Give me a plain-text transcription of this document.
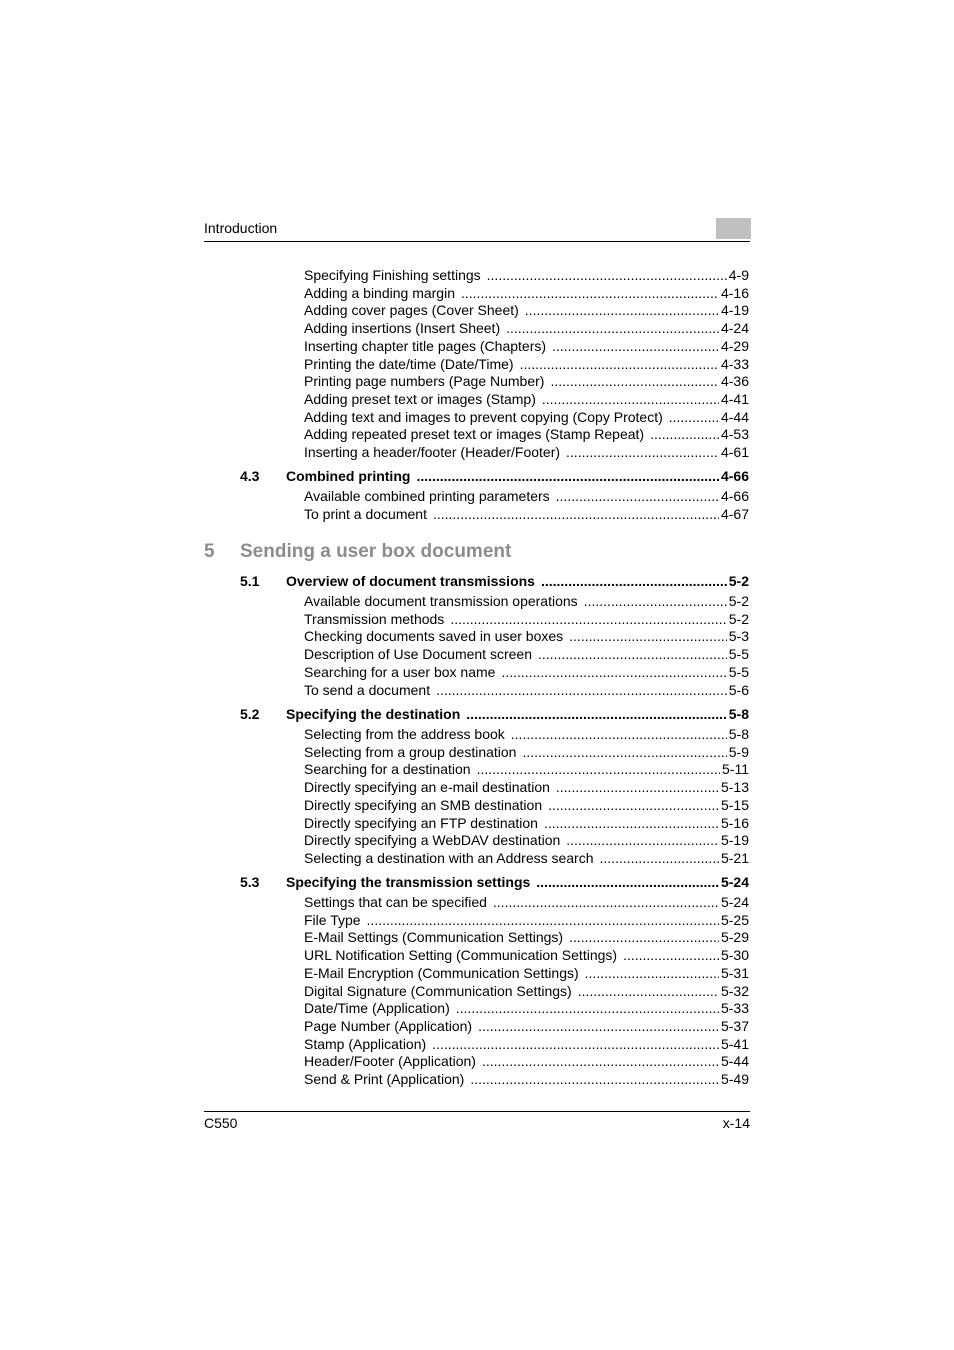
Introduction
5 Sending a user box document
Specifying Finishing settings .....	4-9
Adding a binding margin .....	4-16
Adding cover pages (Cover Sheet) .....	4-19
Adding insertions (Insert Sheet) .....	4-24
Inserting chapter title pages (Chapters) .....	4-29
Printing the date/time (Date/Time) .....	4-33
Printing page numbers (Page Number) .....	4-36
Adding preset text or images (Stamp) .....	4-41
Adding text and images to prevent copying (Copy Protect) .....	4-44
Adding repeated preset text or images (Stamp Repeat) .....	4-53
Inserting a header/footer (Header/Footer) .....	4-61
4.3 Combined printing .....	4-66
Available combined printing parameters .....	4-66
To print a document .....	4-67
5.1 Overview of document transmissions .....	5-2
Available document transmission operations .....	5-2
Transmission methods .....	5-2
Checking documents saved in user boxes .....	5-3
Description of Use Document screen .....	5-5
Searching for a user box name .....	5-5
To send a document .....	5-6
5.2 Specifying the destination .....	5-8
Selecting from the address book .....	5-8
Selecting from a group destination .....	5-9
Searching for a destination .....	5-11
Directly specifying an e-mail destination .....	5-13
Directly specifying an SMB destination .....	5-15
Directly specifying an FTP destination .....	5-16
Directly specifying a WebDAV destination .....	5-19
Selecting a destination with an Address search .....	5-21
5.3 Specifying the transmission settings .....	5-24
Settings that can be specified .....	5-24
File Type .....	5-25
E-Mail Settings (Communication Settings) .....	5-29
URL Notification Setting (Communication Settings) .....	5-30
E-Mail Encryption (Communication Settings) .....	5-31
Digital Signature (Communication Settings) .....	5-32
Date/Time (Application) .....	5-33
Page Number (Application) .....	5-37
Stamp (Application) .....	5-41
Header/Footer (Application) .....	5-44
Send & Print (Application) .....	5-49
C550	x-14
